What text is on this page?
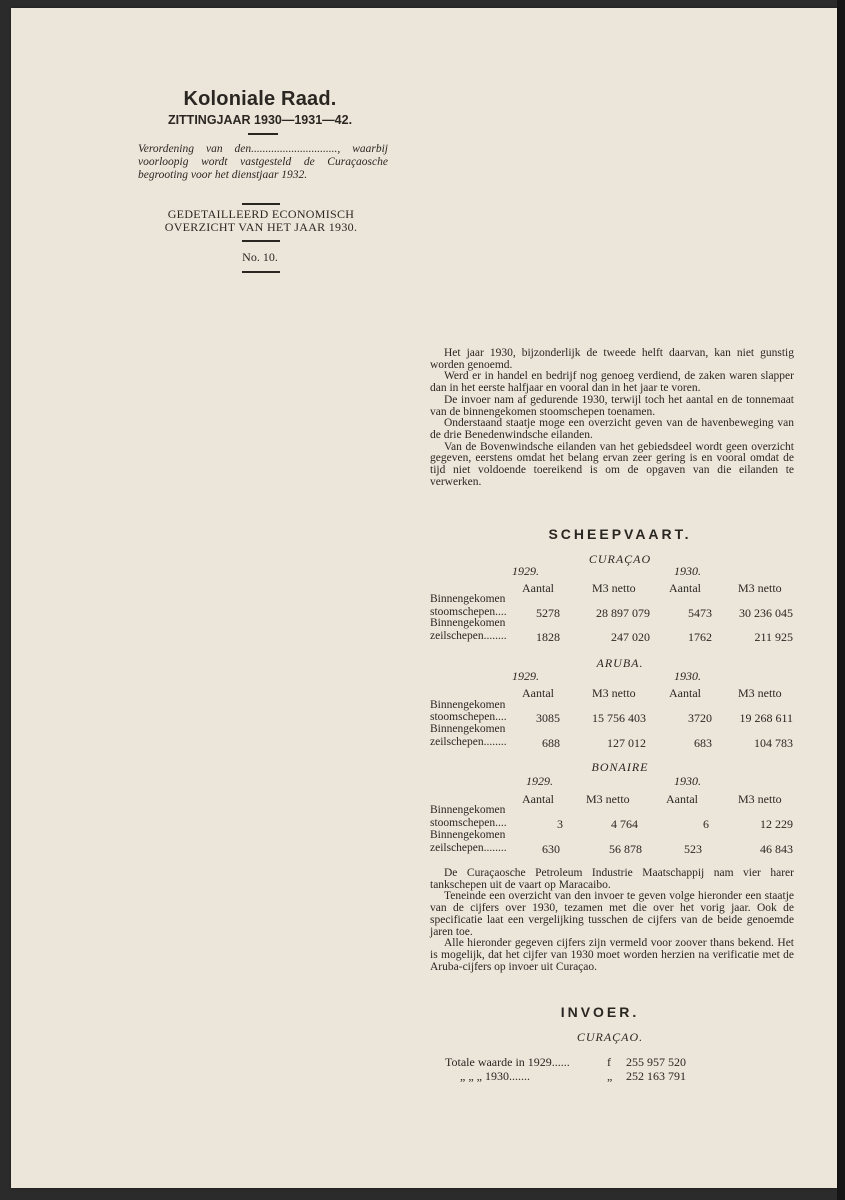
Koloniale Raad.
ZITTINGJAAR 1930—1931—42.
Verordening van den.............................., waarbij voorloopig wordt vastgesteld de Curaçaosche begrooting voor het dienstjaar 1932.
GEDETAILLEERD ECONOMISCH
OVERZICHT VAN HET JAAR 1930.
No. 10.

Het jaar 1930, bijzonderlijk de tweede helft daarvan, kan niet gunstig worden genoemd.

Werd er in handel en bedrijf nog genoeg verdiend, de zaken waren slapper dan in het eerste halfjaar en vooral dan in het jaar te voren.

De invoer nam af gedurende 1930, terwijl toch het aantal en de tonnemaat van de binnengekomen stoomschepen toenamen.

Onderstaand staatje moge een overzicht geven van de havenbeweging van de drie Benedenwindsche eilanden.

Van de Bovenwindsche eilanden van het gebiedsdeel wordt geen overzicht gegeven, eerstens omdat het belang ervan zeer gering is en vooral omdat de tijd niet voldoende toereikend is om de opgaven van die eilanden te verwerken.

SCHEEPVAART.
CURAÇAO
1929.	1930.
Aantal	M3 netto	Aantal	M3 netto
Binnengekomen
stoomschepen....	5278	28 897 079	5473	30 236 045
Binnengekomen
zeilschepen........	1828	247 020	1762	211 925
ARUBA.
1929.	1930.
Aantal	M3 netto	Aantal	M3 netto
Binnengekomen
stoomschepen....	3085	15 756 403	3720	19 268 611
Binnengekomen
zeilschepen........	688	127 012	683	104 783
BONAIRE
1929.	1930.
Aantal	M3 netto	Aantal	M3 netto
Binnengekomen
stoomschepen....	3	4 764	6	12 229
Binnengekomen
zeilschepen........	630	56 878	523	46 843

De Curaçaosche Petroleum Industrie Maatschappij nam vier harer tankschepen uit de vaart op Maracaibo.

Teneinde een overzicht van den invoer te geven volge hieronder een staatje van de cijfers over 1930, tezamen met die over het vorig jaar. Ook de specificatie laat een vergelijking tusschen de cijfers van de beide genoemde jaren toe.

Alle hieronder gegeven cijfers zijn vermeld voor zoover thans bekend. Het is mogelijk, dat het cijfer van 1930 moet worden herzien na verificatie met de Aruba-cijfers op invoer uit Curaçao.

INVOER.
CURAÇAO.
Totale waarde in 1929......	f 255 957 520
„ „ „ 1930.......	„ 252 163 791
